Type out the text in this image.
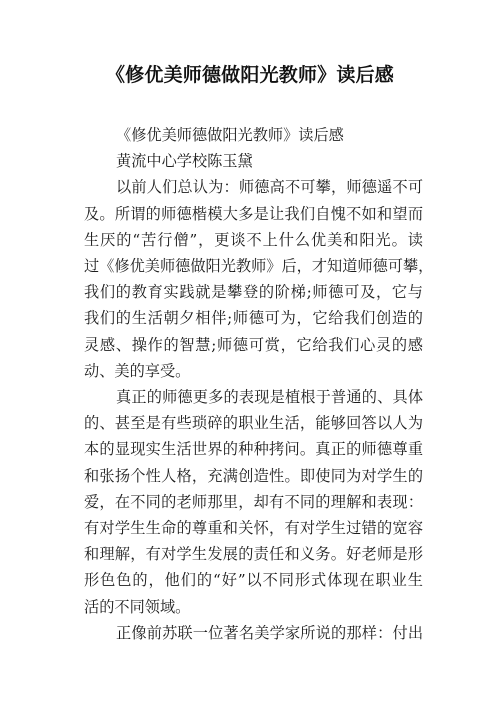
《修优美师德做阳光教师》读后感
《修优美师德做阳光教师》读后感
黄流中心学校陈玉黛
以前人们总认为：师德高不可攀，师德遥不可
及。所谓的师德楷模大多是让我们自愧不如和望而
生厌的“苦行僧”，更谈不上什么优美和阳光。读
过《修优美师德做阳光教师》后，才知道师德可攀，
我们的教育实践就是攀登的阶梯;师德可及，它与
我们的生活朝夕相伴;师德可为，它给我们创造的
灵感、操作的智慧;师德可赏，它给我们心灵的感
动、美的享受。
真正的师德更多的表现是植根于普通的、具体
的、甚至是有些琐碎的职业生活，能够回答以人为
本的显现实生活世界的种种拷问。真正的师德尊重
和张扬个性人格，充满创造性。即使同为对学生的
爱，在不同的老师那里，却有不同的理解和表现：
有对学生生命的尊重和关怀，有对学生过错的宽容
和理解，有对学生发展的责任和义务。好老师是形
形色色的，他们的“好”以不同形式体现在职业生
活的不同领域。
正像前苏联一位著名美学家所说的那样：付出
